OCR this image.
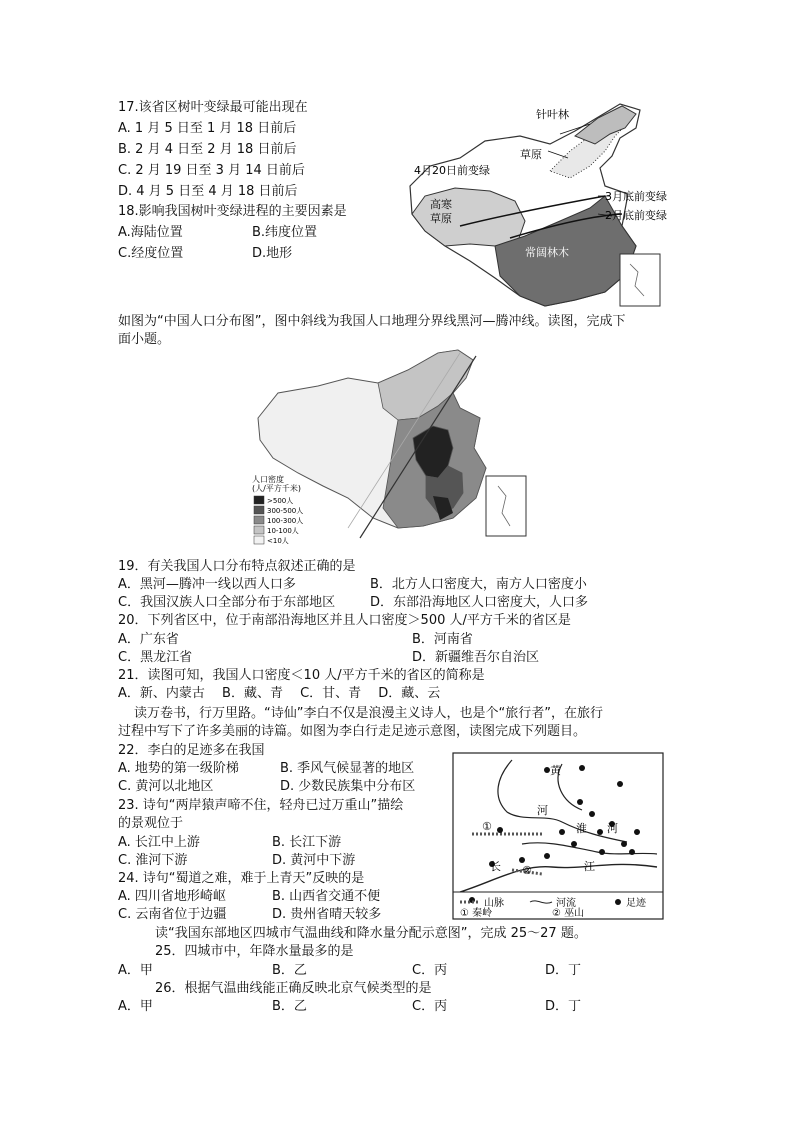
17.该省区树叶变绿最可能出现在
A. 1 月 5 日至 1 月 18 日前后
B. 2 月 4 日至 2 月 18 日前后
C. 2 月 19 日至 3 月 14 日前后
D. 4 月 5 日至 4 月 18 日前后
18.影响我国树叶变绿进程的主要因素是
A.海陆位置	B.纬度位置
C.经度位置	D.地形
针叶林
草原
4月20日前变绿
高寒
草原
3月底前变绿
2月底前变绿
常阔林木
如图为“中国人口分布图”，图中斜线为我国人口地理分界线黑河—腾冲线。读图，完成下
面小题。
人口密度
(人/平方千米)
>500人
300-500人
100-300人
10-100人
<10人
19．有关我国人口分布特点叙述正确的是
A．黑河—腾冲一线以西人口多	B．北方人口密度大，南方人口密度小
C．我国汉族人口全部分布于东部地区	D．东部沿海地区人口密度大，人口多
20．下列省区中，位于南部沿海地区并且人口密度＞500 人/平方千米的省区是
A．广东省	B．河南省
C．黑龙江省	D．新疆维吾尔自治区
21．读图可知，我国人口密度＜10 人/平方千米的省区的简称是
A．新、内蒙古　 B．藏、青　 C．甘、青　 D．藏、云
读万卷书，行万里路。“诗仙”李白不仅是浪漫主义诗人，也是个“旅行者”，在旅行
过程中写下了许多美丽的诗篇。如图为李白行走足迹示意图，读图完成下列题目。
22．李白的足迹多在我国
A. 地势的第一级阶梯	B. 季风气候显著的地区
C. 黄河以北地区	D. 少数民族集中分布区
23. 诗句“两岸猿声啼不住，轻舟已过万重山”描绘
的景观位于
A. 长江中上游	B. 长江下游
C. 淮河下游	D. 黄河中下游
24. 诗句“蜀道之难，难于上青天”反映的是
A. 四川省地形崎岖	B. 山西省交通不便
C. 云南省位于边疆	D. 贵州省晴天较多
黄
河
淮 河
长	江
①
②
山脉	河流	足迹
① 秦岭	② 巫山
读“我国东部地区四城市气温曲线和降水量分配示意图”，完成 25～27 题。
25．四城市中，年降水量最多的是
A．甲	B．乙	C．丙	D．丁
26．根据气温曲线能正确反映北京气候类型的是
A．甲	B．乙	C．丙	D．丁
